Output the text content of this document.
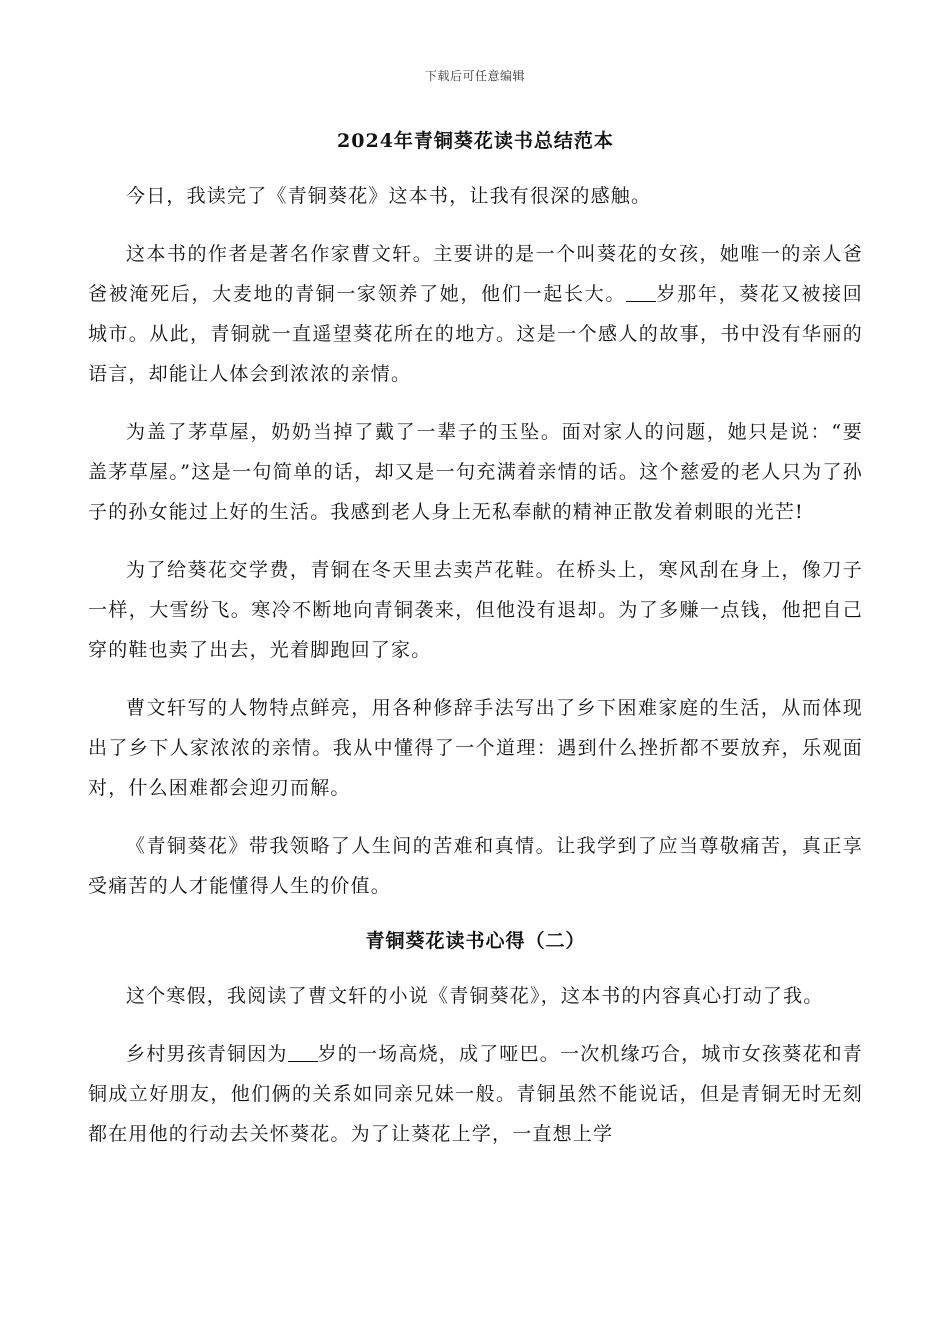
下载后可任意编辑
2024年青铜葵花读书总结范本

今日，我读完了《青铜葵花》这本书，让我有很深的感触。

这本书的作者是著名作家曹文轩。主要讲的是一个叫葵花的女孩，她唯一的亲人爸爸被淹死后，大麦地的青铜一家领养了她，他们一起长大。 岁那年，葵花又被接回城市。从此，青铜就一直遥望葵花所在的地方。这是一个感人的故事，书中没有华丽的语言，却能让人体会到浓浓的亲情。

为盖了茅草屋，奶奶当掉了戴了一辈子的玉坠。面对家人的问题，她只是说：“要盖茅草屋。”这是一句简单的话，却又是一句充满着亲情的话。这个慈爱的老人只为了孙子的孙女能过上好的生活。我感到老人身上无私奉献的精神正散发着刺眼的光芒!

为了给葵花交学费，青铜在冬天里去卖芦花鞋。在桥头上，寒风刮在身上，像刀子一样，大雪纷飞。寒冷不断地向青铜袭来，但他没有退却。为了多赚一点钱，他把自己穿的鞋也卖了出去，光着脚跑回了家。

曹文轩写的人物特点鲜亮，用各种修辞手法写出了乡下困难家庭的生活，从而体现出了乡下人家浓浓的亲情。我从中懂得了一个道理：遇到什么挫折都不要放弃，乐观面对，什么困难都会迎刃而解。

《青铜葵花》带我领略了人生间的苦难和真情。让我学到了应当尊敬痛苦，真正享受痛苦的人才能懂得人生的价值。

青铜葵花读书心得（二）

这个寒假，我阅读了曹文轩的小说《青铜葵花》，这本书的内容真心打动了我。

乡村男孩青铜因为 岁的一场高烧，成了哑巴。一次机缘巧合，城市女孩葵花和青铜成立好朋友，他们俩的关系如同亲兄妹一般。青铜虽然不能说话，但是青铜无时无刻都在用他的行动去关怀葵花。为了让葵花上学，一直想上学
